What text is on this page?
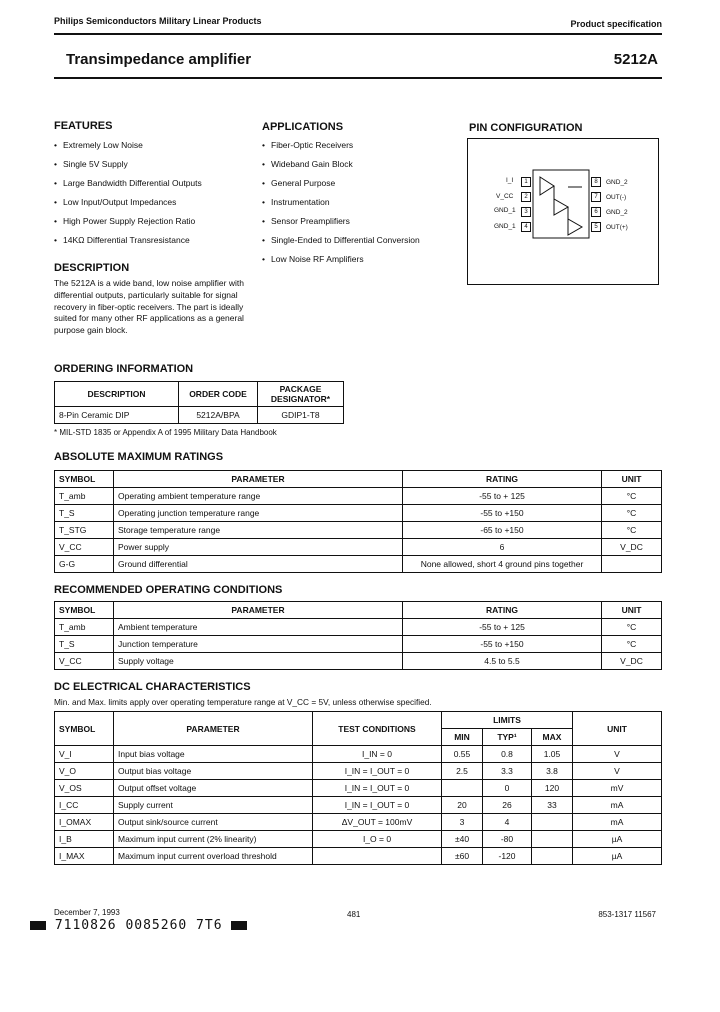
Philips Semiconductors Military Linear Products	Product specification
Transimpedance amplifier	5212A
FEATURES
• Extremely Low Noise
• Single 5V Supply
• Large Bandwidth Differential Outputs
• Low Input/Output Impedances
• High Power Supply Rejection Ratio
• 14KΩ Differential Transresistance
APPLICATIONS
• Fiber-Optic Receivers
• Wideband Gain Block
• General Purpose
• Instrumentation
• Sensor Preamplifiers
• Single-Ended to Differential Conversion
• Low Noise RF Amplifiers
PIN CONFIGURATION
I_I
V_CC
GND_1
GND_1
1
2
3
4
8
7
6
5
GND_2
OUT(-)
GND_2
OUT(+)
DESCRIPTION
The 5212A is a wide band, low noise amplifier with differential outputs, particularly suitable for signal recovery in fiber-optic receivers. The part is ideally suited for many other RF applications as a general purpose gain block.
ORDERING INFORMATION
DESCRIPTION	ORDER CODE	PACKAGE
DESIGNATOR*
8-Pin Ceramic DIP	5212A/BPA	GDIP1-T8
* MIL-STD 1835 or Appendix A of 1995 Military Data Handbook
ABSOLUTE MAXIMUM RATINGS
SYMBOL	PARAMETER	RATING	UNIT
T_amb	Operating ambient temperature range	-55 to + 125	°C
T_S	Operating junction temperature range	-55 to +150	°C
T_STG	Storage temperature range	-65 to +150	°C
V_CC	Power supply	6	V_DC
G-G	Ground differential	None allowed, short 4 ground pins together	
RECOMMENDED OPERATING CONDITIONS
SYMBOL	PARAMETER	RATING	UNIT
T_amb	Ambient temperature	-55 to + 125	°C
T_S	Junction temperature	-55 to +150	°C
V_CC	Supply voltage	4.5 to 5.5	V_DC
DC ELECTRICAL CHARACTERISTICS
Min. and Max. limits apply over operating temperature range at V_CC = 5V, unless otherwise specified.
SYMBOL	PARAMETER	TEST CONDITIONS	LIMITS			UNIT
			MIN	TYP¹	MAX	
V_I	Input bias voltage	I_IN = 0	0.55	0.8	1.05	V
V_O	Output bias voltage	I_IN = I_OUT = 0	2.5	3.3	3.8	V
V_OS	Output offset voltage	I_IN = I_OUT = 0		0	120	mV
I_CC	Supply current	I_IN = I_OUT = 0	20	26	33	mA
I_OMAX	Output sink/source current	ΔV_OUT = 100mV	3	4		mA
I_B	Maximum input current (2% linearity)	I_O = 0	±40	-80		µA
I_MAX	Maximum input current overload threshold		±60	-120		µA
December 7, 1993	481	853-1317 11567
7110826 0085260 7T6
